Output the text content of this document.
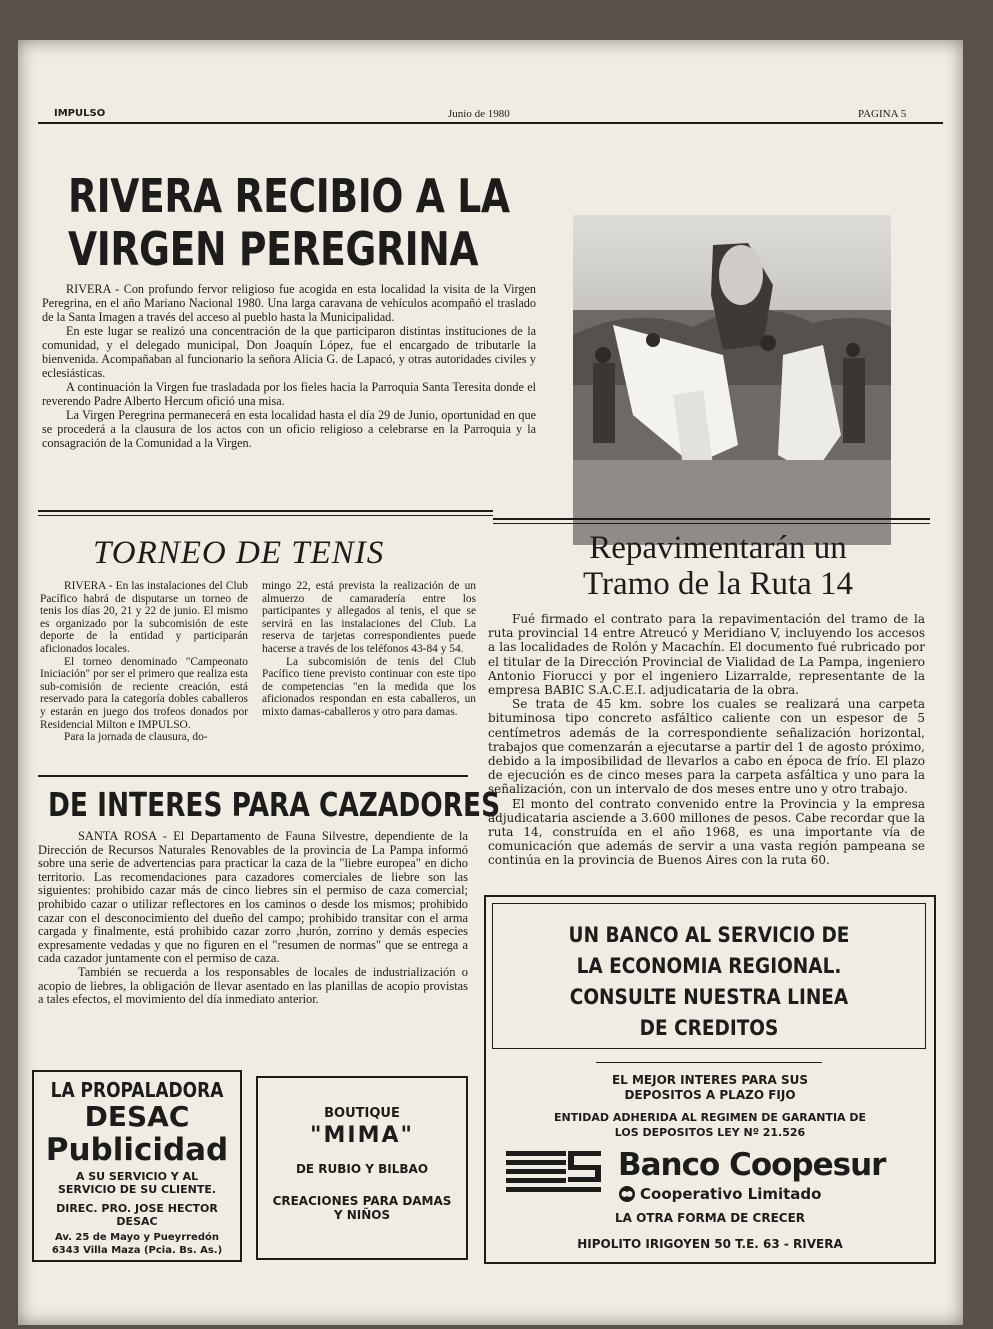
IMPULSO	Junio de 1980	PAGINA 5
RIVERA RECIBIO A LA
VIRGEN PEREGRINA

RIVERA - Con profundo fervor religioso fue acogida en esta localidad la visita de la Virgen Peregrina, en el año Mariano Nacional 1980. Una larga caravana de vehículos acompañó el traslado de la Santa Imagen a través del acceso al pueblo hasta la Municipalidad.

En este lugar se realizó una concentración de la que participaron distintas instituciones de la comunidad, y el delegado municipal, Don Joaquín López, fue el encargado de tributarle la bienvenida. Acompañaban al funcionario la señora Alicia G. de Lapacó, y otras autoridades civiles y eclesiásticas.

A continuación la Virgen fue trasladada por los fieles hacia la Parroquia Santa Teresita donde el reverendo Padre Alberto Hercum ofició una misa.

La Virgen Peregrina permanecerá en esta localidad hasta el día 29 de Junio, oportunidad en que se procederá a la clausura de los actos con un oficio religioso a celebrarse en la Parroquia y la consagración de la Comunidad a la Virgen.

TORNEO DE TENIS

RIVERA - En las instalaciones del Club Pacífico habrá de disputarse un torneo de tenis los días 20, 21 y 22 de junio. El mismo es organizado por la subcomisión de este deporte de la entidad y participarán aficionados locales.

El torneo denominado "Campeonato Iniciación" por ser el primero que realiza esta sub-comisión de reciente creación, está reservado para la categoría dobles caballeros y estarán en juego dos trofeos donados por Residencial Milton e IMPULSO.

Para la jornada de clausura, do-

mingo 22, está prevista la realización de un almuerzo de camaradería entre los participantes y allegados al tenis, el que se servirá en las instalaciones del Club. La reserva de tarjetas correspondientes puede hacerse a través de los teléfonos 43-84 y 54.

La subcomisión de tenis del Club Pacífico tiene previsto continuar con este tipo de competencias "en la medida que los aficionados respondan en esta caballeros, un mixto damas-caballeros y otro para damas.

Repavimentarán un
Tramo de la Ruta 14

Fué firmado el contrato para la repavimentación del tramo de la ruta provincial 14 entre Atreucó y Meridiano V, incluyendo los accesos a las localidades de Rolón y Macachín. El documento fué rubricado por el titular de la Dirección Provincial de Vialidad de La Pampa, ingeniero Antonio Fiorucci y por el ingeniero Lizarralde, representante de la empresa BABIC S.A.C.E.I. adjudicataria de la obra.

Se trata de 45 km. sobre los cuales se realizará una carpeta bituminosa tipo concreto asfáltico caliente con un espesor de 5 centímetros además de la correspondiente señalización horizontal, trabajos que comenzarán a ejecutarse a partir del 1 de agosto próximo, debido a la imposibilidad de llevarlos a cabo en época de frío. El plazo de ejecución es de cinco meses para la carpeta asfáltica y uno para la señalización, con un intervalo de dos meses entre uno y otro trabajo.

El monto del contrato convenido entre la Provincia y la empresa adjudicataria asciende a 3.600 millones de pesos. Cabe recordar que la ruta 14, construída en el año 1968, es una importante vía de comunicación que además de servir a una vasta región pampeana se continúa en la provincia de Buenos Aires con la ruta 60.

DE INTERES PARA CAZADORES

SANTA ROSA - El Departamento de Fauna Silvestre, dependiente de la Dirección de Recursos Naturales Renovables de la provincia de La Pampa informó sobre una serie de advertencias para practicar la caza de la "liebre europea" en dicho territorio. Las recomendaciones para cazadores comerciales de liebre son las siguientes: prohibido cazar más de cinco liebres sin el permiso de caza comercial; prohibido cazar o utilizar reflectores en los caminos o desde los mismos; prohibido cazar con el desconocimiento del dueño del campo; prohibido transitar con el arma cargada y finalmente, está prohibido cazar zorro ,hurón, zorrino y demás especies expresamente vedadas y que no figuren en el "resumen de normas" que se entrega a cada cazador juntamente con el permiso de caza.

También se recuerda a los responsables de locales de industrialización o acopio de liebres, la obligación de llevar asentado en las planillas de acopio provistas a tales efectos, el movimiento del día inmediato anterior.

LA PROPALADORA
DESAC
Publicidad
A SU SERVICIO Y AL SERVICIO DE SU CLIENTE.
DIREC. PRO. JOSE HECTOR DESAC
Av. 25 de Mayo y Pueyrredón
6343 Villa Maza (Pcia. Bs. As.)
BOUTIQUE
"MIMA"
DE RUBIO Y BILBAO
CREACIONES PARA DAMAS Y NIÑOS
UN BANCO AL SERVICIO DE LA ECONOMIA REGIONAL. CONSULTE NUESTRA LINEA DE CREDITOS
EL MEJOR INTERES PARA SUS DEPOSITOS A PLAZO FIJO
ENTIDAD ADHERIDA AL REGIMEN DE GARANTIA DE LOS DEPOSITOS LEY Nº 21.526
Banco Coopesur
Cooperativo Limitado
LA OTRA FORMA DE CRECER
HIPOLITO IRIGOYEN 50 T.E. 63 - RIVERA
